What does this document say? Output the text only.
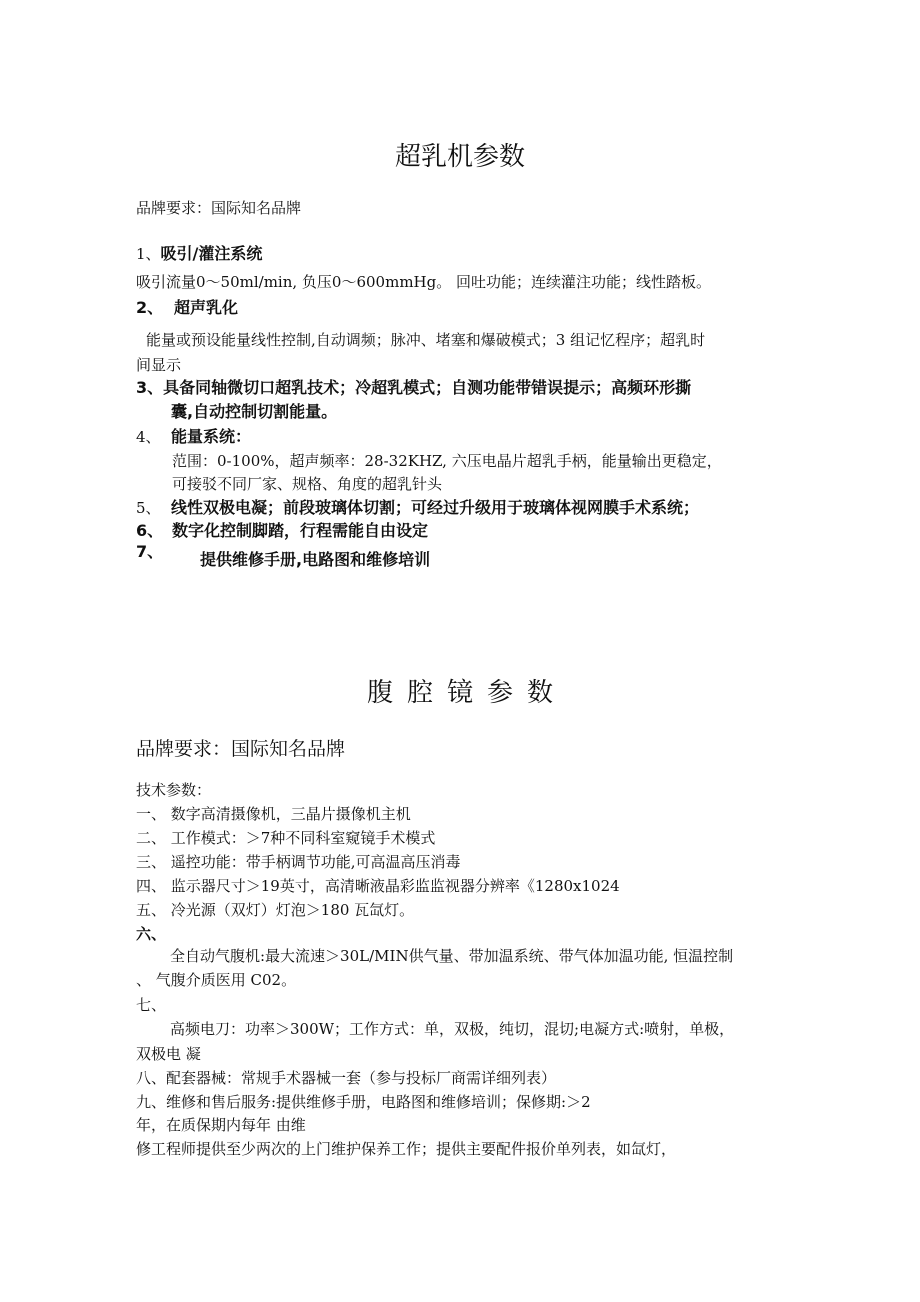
超乳机参数
品牌要求：国际知名品牌
1、吸引/灌注系统
吸引流量0～50ml/min, 负压0～600mmHg。 回吐功能；连续灌注功能；线性踏板。
2、 超声乳化
能量或预设能量线性控制,自动调频；脉冲、堵塞和爆破模式；3 组记忆程序；超乳时
间显示
3、具备同轴微切口超乳技术；冷超乳模式；自测功能带错误提示；高频环形撕
囊,自动控制切割能量。
4、 能量系统：
范围：0-100%，超声频率：28-32KHZ, 六压电晶片超乳手柄，能量输出更稳定，
可接驳不同厂家、规格、角度的超乳针头
5、 线性双极电凝；前段玻璃体切割；可经过升级用于玻璃体视网膜手术系统；
6、 数字化控制脚踏，行程需能自由设定
7、 提供维修手册,电路图和维修培训
腹腔镜参数
品牌要求：国际知名品牌
技术参数：
一、 数字高清摄像机，三晶片摄像机主机
二、 工作模式：＞7种不同科室窥镜手术模式
三、 遥控功能：带手柄调节功能,可高温高压消毒
四、 监示器尺寸＞19英寸，高清晰液晶彩监监视器分辨率《1280x1024
五、 冷光源（双灯）灯泡＞180 瓦氙灯。
六、
全自动气腹机:最大流速＞30L/MIN供气量、带加温系统、带气体加温功能, 恒温控制
、 气腹介质医用 C02。
七、
高频电刀：功率＞300W；工作方式：单，双极，纯切，混切;电凝方式:喷射，单极，
双极电 凝
八、配套器械：常规手术器械一套（参与投标厂商需详细列表）
九、维修和售后服务:提供维修手册，电路图和维修培训；保修期:＞2
年，在质保期内每年 由维
修工程师提供至少两次的上门维护保养工作；提供主要配件报价单列表，如氙灯，
